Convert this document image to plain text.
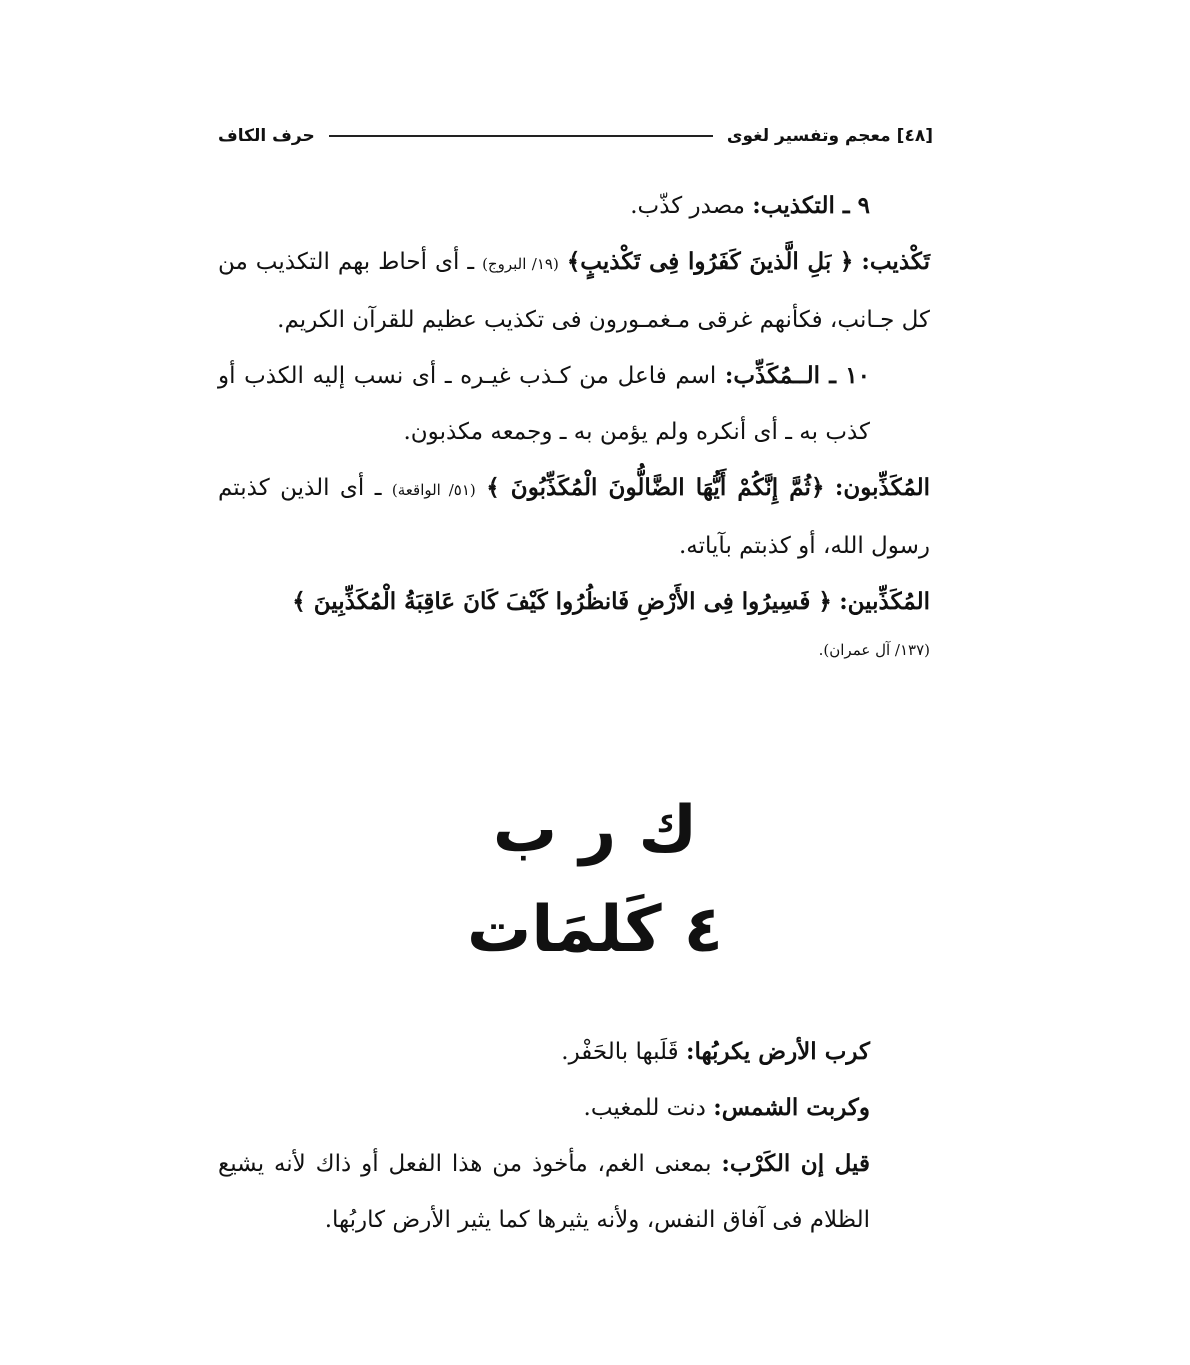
[٤٨]
معجم وتفسير لغوى
حرف الكاف

٩ ـ التكذيب: مصدر كذّب.

تَكْذيب: ﴿ بَلِ الَّذينَ كَفَرُوا فِى تَكْذيبٍ﴾ (١٩/ البروج) ـ أى أحاط بهم التكذيب من كل جـانب، فكأنهم غرقى مـغمـورون فى تكذيب عظيم للقرآن الكريم.

١٠ ـ الــمُكَذِّب: اسم فاعل من كـذب غيـره ـ أى نسب إليه الكذب أو كذب به ـ أى أنكره ولم يؤمن به ـ وجمعه مكذبون.

المُكَذِّبون: ﴿ثُمَّ إِنَّكُمْ أَيُّهَا الضَّالُّونَ الْمُكَذِّبُونَ ﴾ (٥١/ الواقعة) ـ أى الذين كذبتم رسول الله، أو كذبتم بآياته.

المُكَذِّبين: ﴿ فَسِيرُوا فِى الأَرْضِ فَانظُرُوا كَيْفَ كَانَ عَاقِبَةُ الْمُكَذِّبِينَ ﴾

(١٣٧/ آل عمران).

ك ر ب
٤ كَلمَات

كرب الأرض يكربُها: قَلَبها بالحَفْر.

وكربت الشمس: دنت للمغيب.

قيل إن الكَرْب: بمعنى الغم، مأخوذ من هذا الفعل أو ذاك لأنه يشيع الظلام فى آفاق النفس، ولأنه يثيرها كما يثير الأرض كاربُها.
